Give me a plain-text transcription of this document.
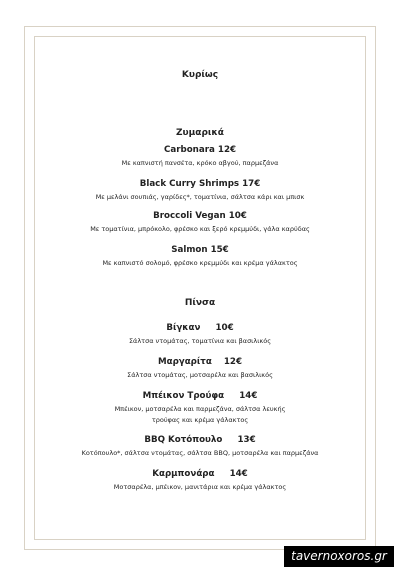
Κυρίως
Ζυμαρικά
Carbonara 12€
Με καπνιστή πανσέτα, κρόκο αβγού, παρμεζάνα
Black Curry Shrimps 17€
Με μελάνι σουπιάς, γαρίδες*, τοματίνια, σάλτσα κάρι και μπισκ
Broccoli Vegan 10€
Με τοματίνια, μπρόκολο, φρέσκο και ξερό κρεμμύδι, γάλα καρύδας
Salmon 15€
Με καπνιστό σολομό, φρέσκο κρεμμύδι και κρέμα γάλακτος
Πίνσα
Βίγκαν     10€
Σάλτσα ντομάτας, τοματίνια και βασιλικός
Μαργαρίτα    12€
Σάλτσα ντομάτας, μοτσαρέλα και βασιλικός
Μπέικον Τρούφα     14€
Μπέικον, μοτσαρέλα και παρμεζάνα, σάλτσα λευκής τρούφας και κρέμα γάλακτος
BBQ Κοτόπουλο     13€
Κοτόπουλο*, σάλτσα ντομάτας, σάλτσα BBQ, μοτσαρέλα και παρμεζάνα
Καρμπονάρα     14€
Μοτσαρέλα, μπέικον, μανιτάρια και κρέμα γάλακτος
tavernoxoros.gr
